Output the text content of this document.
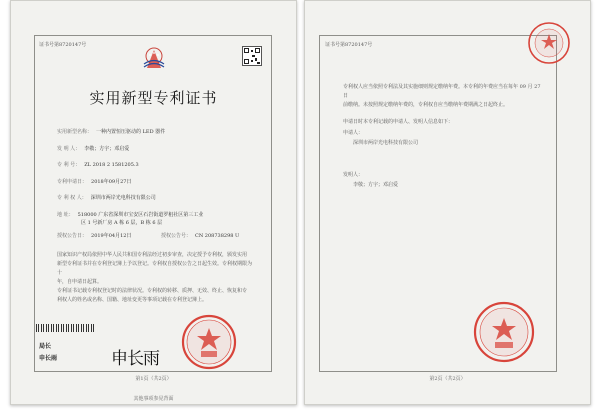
证书号第8720147号
实用新型专利证书
实用新型名称： 一种内置恒压驱动的 LED 器件
发 明 人： 李敬；方宇；邓启爱
专 利 号： ZL 2018 2 1581205.3
专利申请日： 2018年09月27日
专 利 权 人： 深圳市两岸光电科技有限公司
地 址： 518000 广东省深圳市宝安区石岩街道罗租社区第三工业
区 1 号新厂房 A 栋 6 层，B 栋 6 层
授权公告日： 2019年04月12日	授权公告号： CN 208738298 U
国家知识产权局依照中华人民共和国专利法经过初步审查，决定授予专利权，颁发实用
新型专利证书并在专利登记簿上予以登记。专利权自授权公告之日起生效。专利权期限为十
年，自申请日起算。
专利证书记载专利权登记时的法律状况。专利权的转移、质押、无效、终止、恢复和专
利权人的姓名或名称、国籍、地址变更等事项记载在专利登记簿上。
局长
申长雨	申长雨
第1页（共2页）
其他事项参见背面
证书号第8720147号
专利权人应当依照专利法及其实施细则规定缴纳年费。本专利的年费应当在每年 09 月 27 日
前缴纳。未按照规定缴纳年费的，专利权自应当缴纳年费期满之日起终止。
申请日时本专利记载的申请人、发明人信息如下：
申请人：
深圳市两岸光电科技有限公司
发明人：
李敬；方宇；邓启爱
第2页（共2页）
